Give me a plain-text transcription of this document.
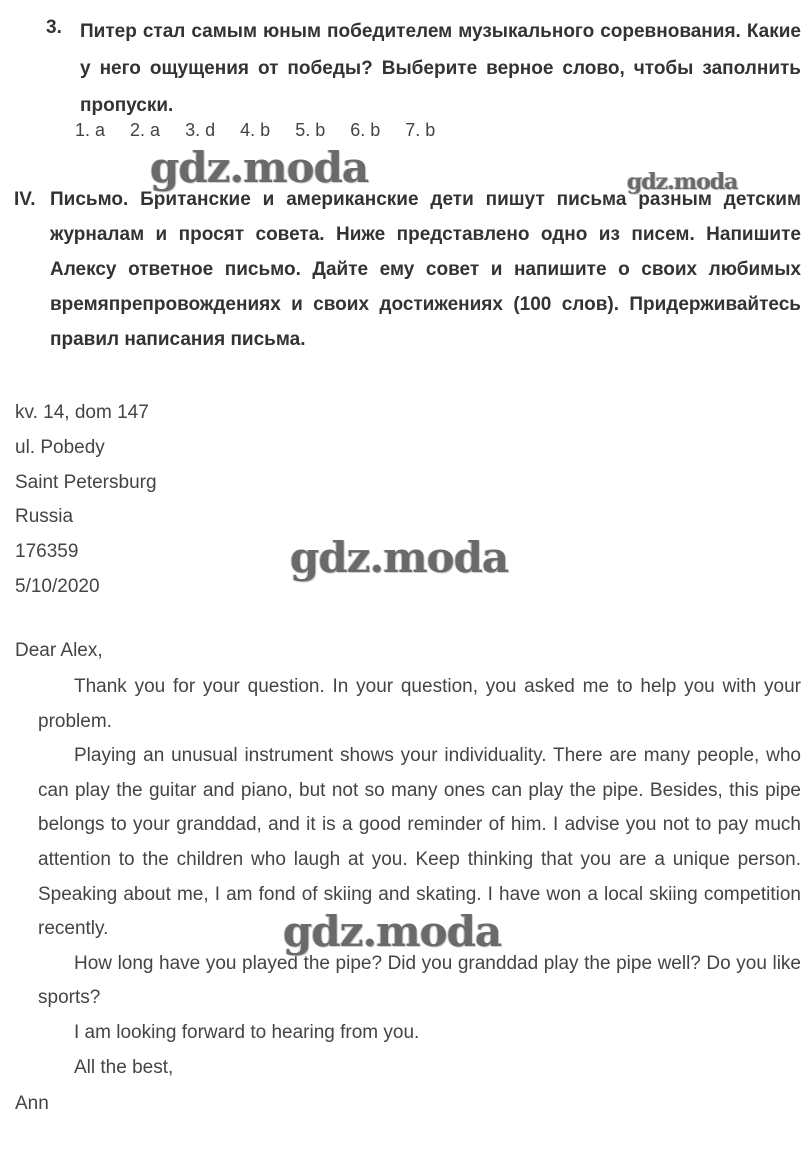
3. Питер стал самым юным победителем музыкального соревнования. Какие у него ощущения от победы? Выберите верное слово, чтобы заполнить пропуски.
1. a 2. a 3. d 4. b 5. b 6. b 7. b
IV. Письмо. Британские и американские дети пишут письма разным детским журналам и просят совета. Ниже представлено одно из писем. Напишите Алексу ответное письмо. Дайте ему совет и напишите о своих любимых времяпрепровождениях и своих достижениях (100 слов). Придерживайтесь правил написания письма.
kv. 14, dom 147
ul. Pobedy
Saint Petersburg
Russia
176359
5/10/2020
Dear Alex,

Thank you for your question. In your question, you asked me to help you with your problem.

Playing an unusual instrument shows your individuality. There are many people, who can play the guitar and piano, but not so many ones can play the pipe. Besides, this pipe belongs to your granddad, and it is a good reminder of him. I advise you not to pay much attention to the children who laugh at you. Keep thinking that you are a unique person. Speaking about me, I am fond of skiing and skating. I have won a local skiing competition recently.

How long have you played the pipe? Did you granddad play the pipe well? Do you like sports?

I am looking forward to hearing from you.

All the best,

Ann
gdz.moda	gdz.moda
gdz.moda
gdz.moda
